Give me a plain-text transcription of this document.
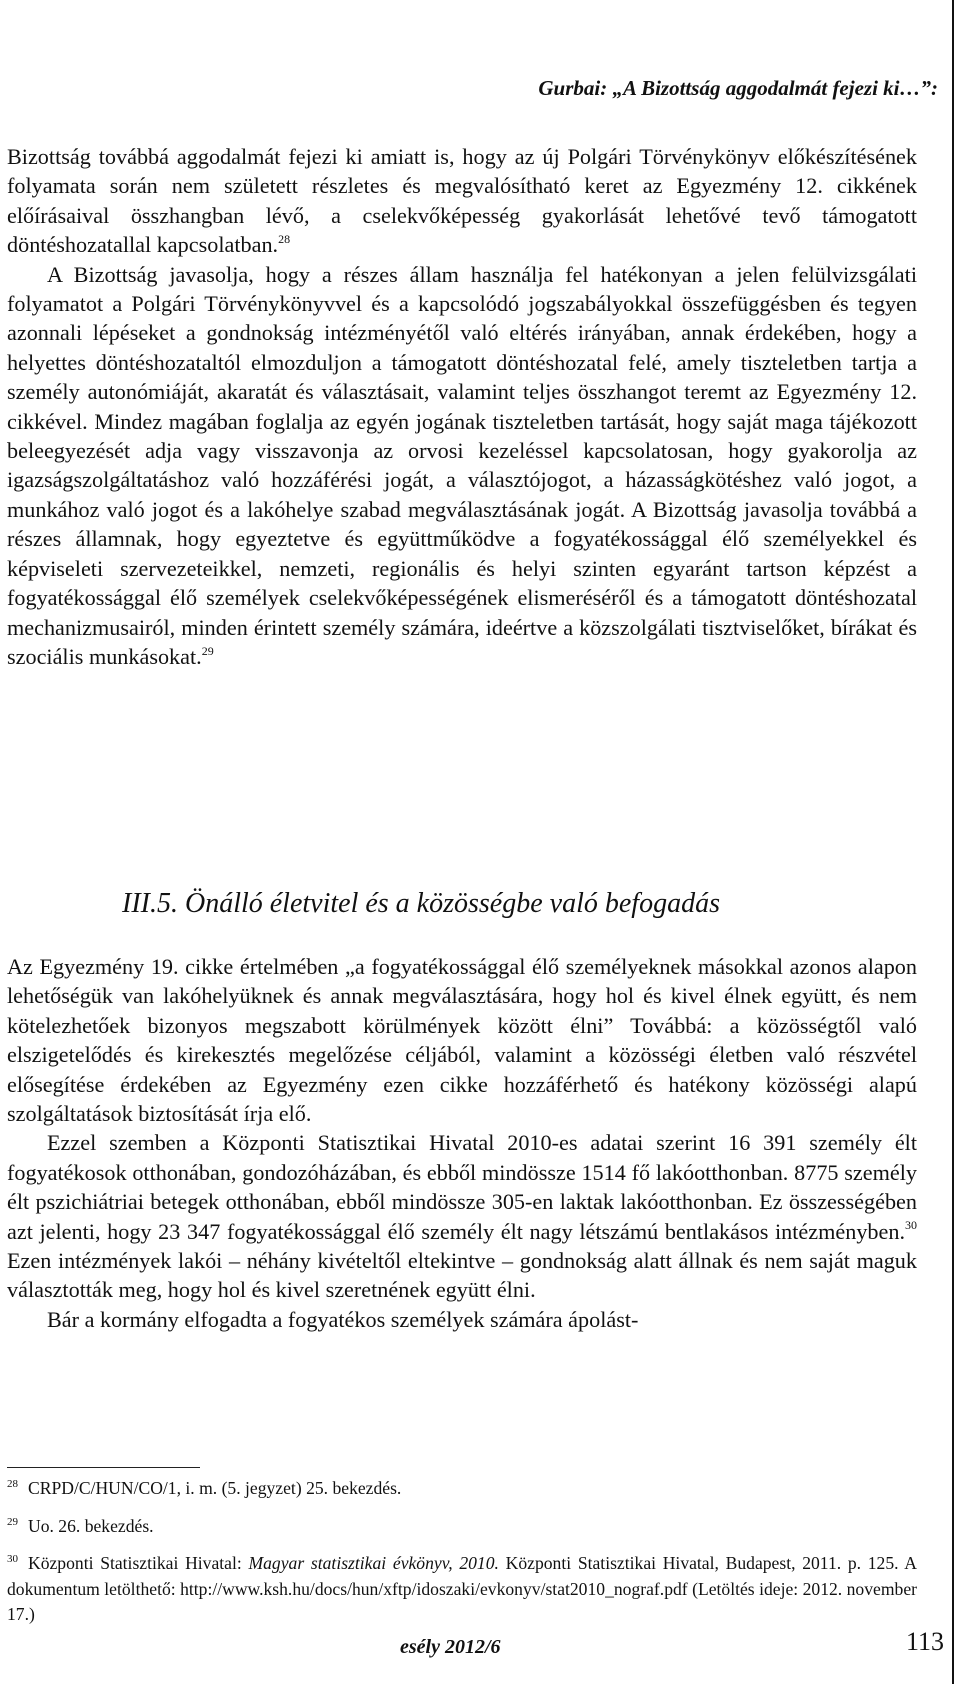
Gurbai: „A Bizottság aggodalmát fejezi ki…”:

Bizottság továbbá aggodalmát fejezi ki amiatt is, hogy az új Polgári Törvénykönyv előkészítésének folyamata során nem született részletes és megvalósítható keret az Egyezmény 12. cikkének előírásaival összhangban lévő, a cselekvőképesség gyakorlását lehetővé tevő támogatott döntéshozatallal kapcsolatban.$^{28}$

A Bizottság javasolja, hogy a részes állam használja fel hatékonyan a jelen felülvizsgálati folyamatot a Polgári Törvénykönyvvel és a kapcsolódó jogszabályokkal összefüggésben és tegyen azonnali lépéseket a gondnokság intézményétől való eltérés irányában, annak érdekében, hogy a helyettes döntéshozataltól elmozduljon a támogatott döntéshozatal felé, amely tiszteletben tartja a személy autonómiáját, akaratát és választásait, valamint teljes összhangot teremt az Egyezmény 12. cikkével. Mindez magában foglalja az egyén jogának tiszteletben tartását, hogy saját maga tájékozott beleegyezését adja vagy visszavonja az orvosi kezeléssel kapcsolatosan, hogy gyakorolja az igazságszolgáltatáshoz való hozzáférési jogát, a választójogot, a házasságkötéshez való jogot, a munkához való jogot és a lakóhelye szabad megválasztásának jogát. A Bizottság javasolja továbbá a részes államnak, hogy egyeztetve és együttműködve a fogyatékossággal élő személyekkel és képviseleti szervezeteikkel, nemzeti, regionális és helyi szinten egyaránt tartson képzést a fogyatékossággal élő személyek cselekvőképességének elismeréséről és a támogatott döntéshozatal mechanizmusairól, minden érintett személy számára, ideértve a közszolgálati tisztviselőket, bírákat és szociális munkásokat.$^{29}$

III.5. Önálló életvitel és a közösségbe való befogadás

Az Egyezmény 19. cikke értelmében „a fogyatékossággal élő személyeknek másokkal azonos alapon lehetőségük van lakóhelyüknek és annak megválasztására, hogy hol és kivel élnek együtt, és nem kötelezhetőek bizonyos megszabott körülmények között élni” Továbbá: a közösségtől való elszigetelődés és kirekesztés megelőzése céljából, valamint a közösségi életben való részvétel elősegítése érdekében az Egyezmény ezen cikke hozzáférhető és hatékony közösségi alapú szolgáltatások biztosítását írja elő.

Ezzel szemben a Központi Statisztikai Hivatal 2010-es adatai szerint 16 391 személy élt fogyatékosok otthonában, gondozóházában, és ebből mindössze 1514 fő lakóotthonban. 8775 személy élt pszichiátriai betegek otthonában, ebből mindössze 305-en laktak lakóotthonban. Ez összességében azt jelenti, hogy 23 347 fogyatékossággal élő személy élt nagy létszámú bentlakásos intézményben.$^{30}$ Ezen intézmények lakói – néhány kivételtől eltekintve – gondnokság alatt állnak és nem saját maguk választották meg, hogy hol és kivel szeretnének együtt élni.

Bár a kormány elfogadta a fogyatékos személyek számára ápolást-

$^{28}$ CRPD/C/HUN/CO/1, i. m. (5. jegyzet) 25. bekezdés.

$^{29}$ Uo. 26. bekezdés.

$^{30}$ Központi Statisztikai Hivatal: Magyar statisztikai évkönyv, 2010. Központi Statisztikai Hivatal, Budapest, 2011. p. 125. A dokumentum letölthető: http://www.ksh.hu/docs/hun/xftp/idoszaki/evkonyv/stat2010_nograf.pdf (Letöltés ideje: 2012. november 17.)

esély 2012/6	113
